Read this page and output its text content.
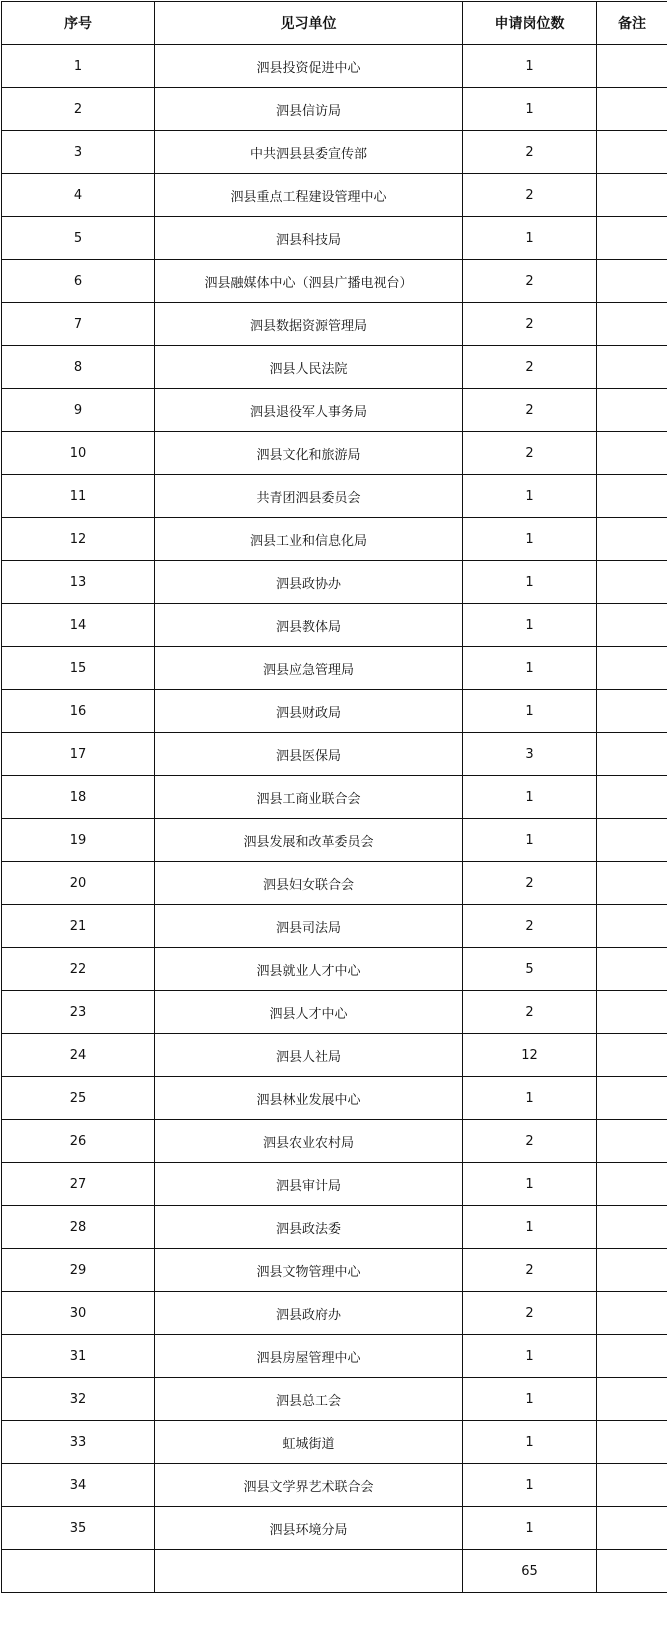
序号	见习单位	申请岗位数	备注
1	泗县投资促进中心	1	
2	泗县信访局	1	
3	中共泗县县委宣传部	2	
4	泗县重点工程建设管理中心	2	
5	泗县科技局	1	
6	泗县融媒体中心（泗县广播电视台）	2	
7	泗县数据资源管理局	2	
8	泗县人民法院	2	
9	泗县退役军人事务局	2	
10	泗县文化和旅游局	2	
11	共青团泗县委员会	1	
12	泗县工业和信息化局	1	
13	泗县政协办	1	
14	泗县教体局	1	
15	泗县应急管理局	1	
16	泗县财政局	1	
17	泗县医保局	3	
18	泗县工商业联合会	1	
19	泗县发展和改革委员会	1	
20	泗县妇女联合会	2	
21	泗县司法局	2	
22	泗县就业人才中心	5	
23	泗县人才中心	2	
24	泗县人社局	12	
25	泗县林业发展中心	1	
26	泗县农业农村局	2	
27	泗县审计局	1	
28	泗县政法委	1	
29	泗县文物管理中心	2	
30	泗县政府办	2	
31	泗县房屋管理中心	1	
32	泗县总工会	1	
33	虹城街道	1	
34	泗县文学界艺术联合会	1	
35	泗县环境分局	1	
		65	
